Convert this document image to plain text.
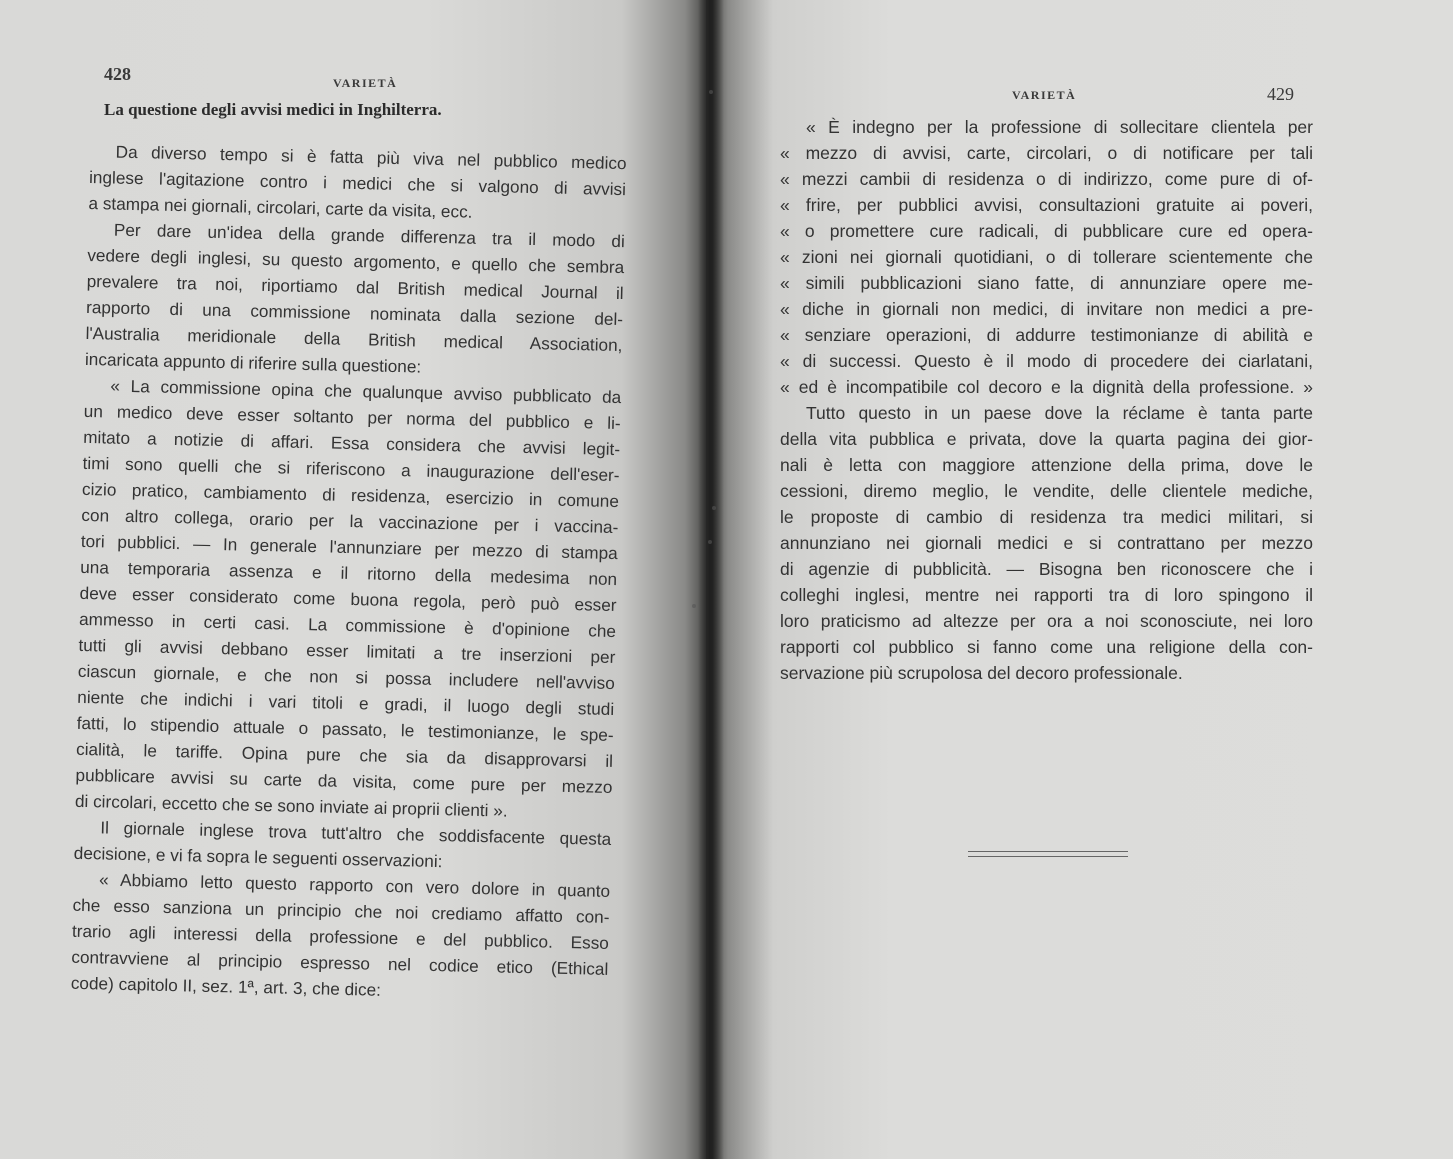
428	VARIETÀ
La questione degli avvisi medici in Inghilterra.
Da diverso tempo si è fatta più viva nel pubblico medico
inglese l'agitazione contro i medici che si valgono di avvisi
a stampa nei giornali, circolari, carte da visita, ecc.
Per dare un'idea della grande differenza tra il modo di
vedere degli inglesi, su questo argomento, e quello che sembra
prevalere tra noi, riportiamo dal British medical Journal il
rapporto di una commissione nominata dalla sezione del-
l'Australia meridionale della British medical Association,
incaricata appunto di riferire sulla questione:
« La commissione opina che qualunque avviso pubblicato da
un medico deve esser soltanto per norma del pubblico e li-
mitato a notizie di affari. Essa considera che avvisi legit-
timi sono quelli che si riferiscono a inaugurazione dell'eser-
cizio pratico, cambiamento di residenza, esercizio in comune
con altro collega, orario per la vaccinazione per i vaccina-
tori pubblici. — In generale l'annunziare per mezzo di stampa
una temporaria assenza e il ritorno della medesima non
deve esser considerato come buona regola, però può esser
ammesso in certi casi. La commissione è d'opinione che
tutti gli avvisi debbano esser limitati a tre inserzioni per
ciascun giornale, e che non si possa includere nell'avviso
niente che indichi i vari titoli e gradi, il luogo degli studi
fatti, lo stipendio attuale o passato, le testimonianze, le spe-
cialità, le tariffe. Opina pure che sia da disapprovarsi il
pubblicare avvisi su carte da visita, come pure per mezzo
di circolari, eccetto che se sono inviate ai proprii clienti ».
Il giornale inglese trova tutt'altro che soddisfacente questa
decisione, e vi fa sopra le seguenti osservazioni:
« Abbiamo letto questo rapporto con vero dolore in quanto
che esso sanziona un principio che noi crediamo affatto con-
trario agli interessi della professione e del pubblico. Esso
contravviene al principio espresso nel codice etico (Ethical
code) capitolo II, sez. 1ª, art. 3, che dice:
VARIETÀ	429
« È indegno per la professione di sollecitare clientela per
« mezzo di avvisi, carte, circolari, o di notificare per tali
« mezzi cambii di residenza o di indirizzo, come pure di of-
« frire, per pubblici avvisi, consultazioni gratuite ai poveri,
« o promettere cure radicali, di pubblicare cure ed opera-
« zioni nei giornali quotidiani, o di tollerare scientemente che
« simili pubblicazioni siano fatte, di annunziare opere me-
« diche in giornali non medici, di invitare non medici a pre-
« senziare operazioni, di addurre testimonianze di abilità e
« di successi. Questo è il modo di procedere dei ciarlatani,
« ed è incompatibile col decoro e la dignità della professione. »
Tutto questo in un paese dove la réclame è tanta parte
della vita pubblica e privata, dove la quarta pagina dei gior-
nali è letta con maggiore attenzione della prima, dove le
cessioni, diremo meglio, le vendite, delle clientele mediche,
le proposte di cambio di residenza tra medici militari, si
annunziano nei giornali medici e si contrattano per mezzo
di agenzie di pubblicità. — Bisogna ben riconoscere che i
colleghi inglesi, mentre nei rapporti tra di loro spingono il
loro praticismo ad altezze per ora a noi sconosciute, nei loro
rapporti col pubblico si fanno come una religione della con-
servazione più scrupolosa del decoro professionale.
